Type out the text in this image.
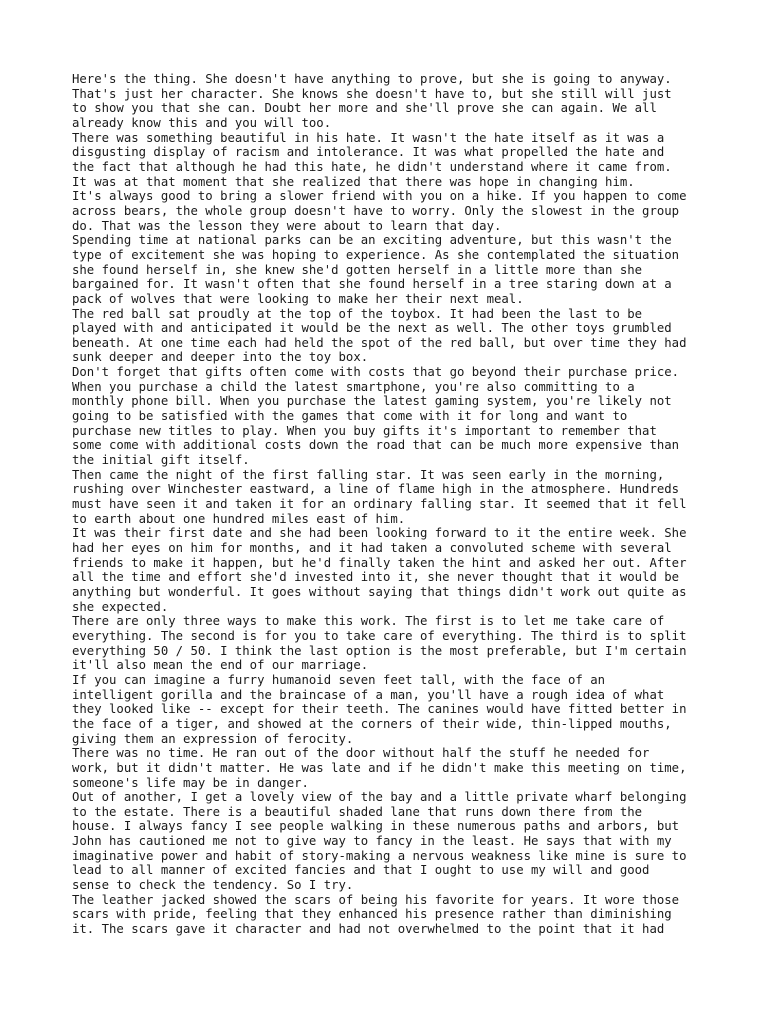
Here's the thing. She doesn't have anything to prove, but she is going to anyway.
That's just her character. She knows she doesn't have to, but she still will just
to show you that she can. Doubt her more and she'll prove she can again. We all
already know this and you will too.

There was something beautiful in his hate. It wasn't the hate itself as it was a
disgusting display of racism and intolerance. It was what propelled the hate and
the fact that although he had this hate, he didn't understand where it came from.
It was at that moment that she realized that there was hope in changing him.

It's always good to bring a slower friend with you on a hike. If you happen to come
across bears, the whole group doesn't have to worry. Only the slowest in the group
do. That was the lesson they were about to learn that day.

Spending time at national parks can be an exciting adventure, but this wasn't the
type of excitement she was hoping to experience. As she contemplated the situation
she found herself in, she knew she'd gotten herself in a little more than she
bargained for. It wasn't often that she found herself in a tree staring down at a
pack of wolves that were looking to make her their next meal.

The red ball sat proudly at the top of the toybox. It had been the last to be
played with and anticipated it would be the next as well. The other toys grumbled
beneath. At one time each had held the spot of the red ball, but over time they had
sunk deeper and deeper into the toy box.

Don't forget that gifts often come with costs that go beyond their purchase price.
When you purchase a child the latest smartphone, you're also committing to a
monthly phone bill. When you purchase the latest gaming system, you're likely not
going to be satisfied with the games that come with it for long and want to
purchase new titles to play. When you buy gifts it's important to remember that
some come with additional costs down the road that can be much more expensive than
the initial gift itself.

Then came the night of the first falling star. It was seen early in the morning,
rushing over Winchester eastward, a line of flame high in the atmosphere. Hundreds
must have seen it and taken it for an ordinary falling star. It seemed that it fell
to earth about one hundred miles east of him.

It was their first date and she had been looking forward to it the entire week. She
had her eyes on him for months, and it had taken a convoluted scheme with several
friends to make it happen, but he'd finally taken the hint and asked her out. After
all the time and effort she'd invested into it, she never thought that it would be
anything but wonderful. It goes without saying that things didn't work out quite as
she expected.

There are only three ways to make this work. The first is to let me take care of
everything. The second is for you to take care of everything. The third is to split
everything 50 / 50. I think the last option is the most preferable, but I'm certain
it'll also mean the end of our marriage.

If you can imagine a furry humanoid seven feet tall, with the face of an
intelligent gorilla and the braincase of a man, you'll have a rough idea of what
they looked like -- except for their teeth. The canines would have fitted better in
the face of a tiger, and showed at the corners of their wide, thin-lipped mouths,
giving them an expression of ferocity.

There was no time. He ran out of the door without half the stuff he needed for
work, but it didn't matter. He was late and if he didn't make this meeting on time,
someone's life may be in danger.

Out of another, I get a lovely view of the bay and a little private wharf belonging
to the estate. There is a beautiful shaded lane that runs down there from the
house. I always fancy I see people walking in these numerous paths and arbors, but
John has cautioned me not to give way to fancy in the least. He says that with my
imaginative power and habit of story-making a nervous weakness like mine is sure to
lead to all manner of excited fancies and that I ought to use my will and good
sense to check the tendency. So I try.

The leather jacked showed the scars of being his favorite for years. It wore those
scars with pride, feeling that they enhanced his presence rather than diminishing
it. The scars gave it character and had not overwhelmed to the point that it had
